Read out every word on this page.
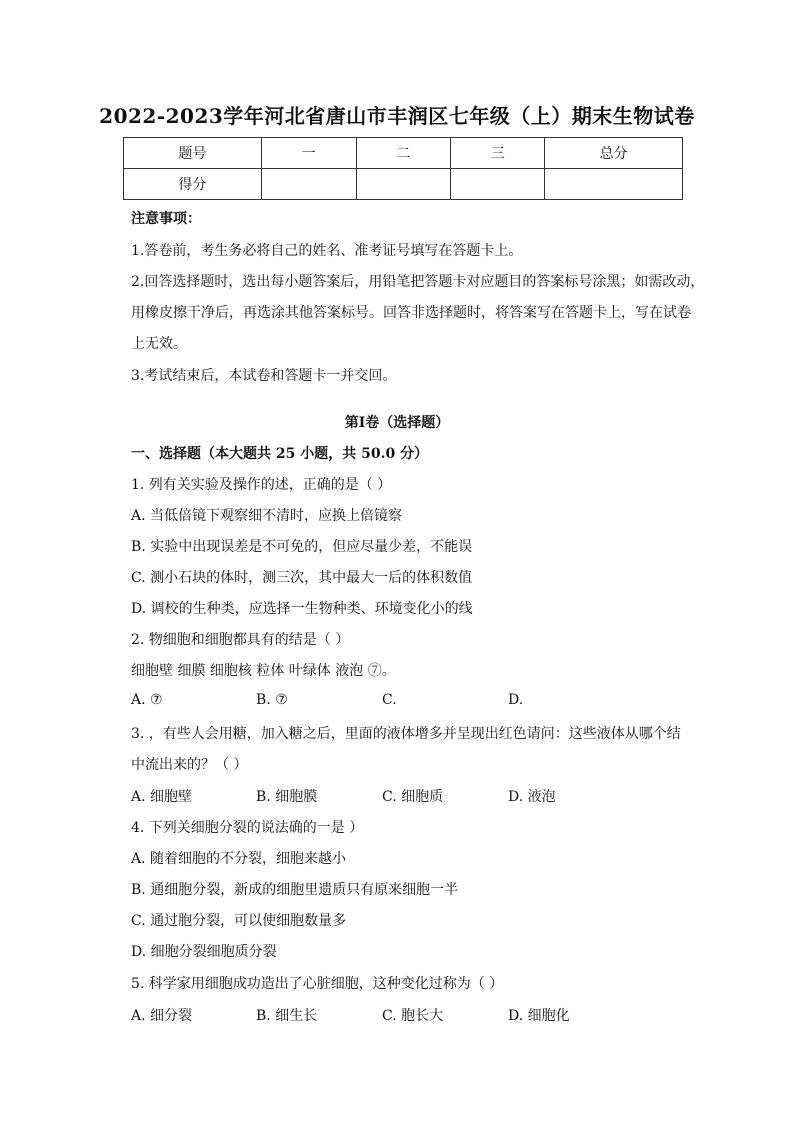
2022-2023学年河北省唐山市丰润区七年级（上）期末生物试卷
题号	一	二	三	总分
得分				
注意事项：
1.答卷前，考生务必将自己的姓名、准考证号填写在答题卡上。
2.回答选择题时，选出每小题答案后，用铅笔把答题卡对应题目的答案标号涂黑；如需改动，
用橡皮擦干净后，再选涂其他答案标号。回答非选择题时，将答案写在答题卡上，写在试卷
上无效。
3.考试结束后，本试卷和答题卡一并交回。
第I卷（选择题）
一、选择题（本大题共 25 小题，共 50.0 分）
1. 列有关实验及操作的述，正确的是（ ）
A. 当低倍镜下观察细不清时，应换上倍镜察
B. 实验中出现误差是不可免的，但应尽量少差，不能误
C. 测小石块的体时，测三次，其中最大一后的体积数值
D. 调校的生种类，应选择一生物种类、环境变化小的线
2. 物细胞和细胞都具有的结是（ ）
细胞壁 细膜 细胞核 粒体 叶绿体 液泡 ⑦。
A. ⑦	B. ⑦	C.	D.
3. ，有些人会用糖，加入糖之后，里面的液体增多并呈现出红色请问：这些液体从哪个结
中流出来的？（ ）
A. 细胞壁	B. 细胞膜	C. 细胞质	D. 液泡
4. 下列关细胞分裂的说法确的一是 ）
A. 随着细胞的不分裂，细胞来越小
B. 通细胞分裂，新成的细胞里遗质只有原来细胞一半
C. 通过胞分裂，可以使细胞数量多
D. 细胞分裂细胞质分裂
5. 科学家用细胞成功造出了心脏细胞，这种变化过称为（ ）
A. 细分裂	B. 细生长	C. 胞长大	D. 细胞化
